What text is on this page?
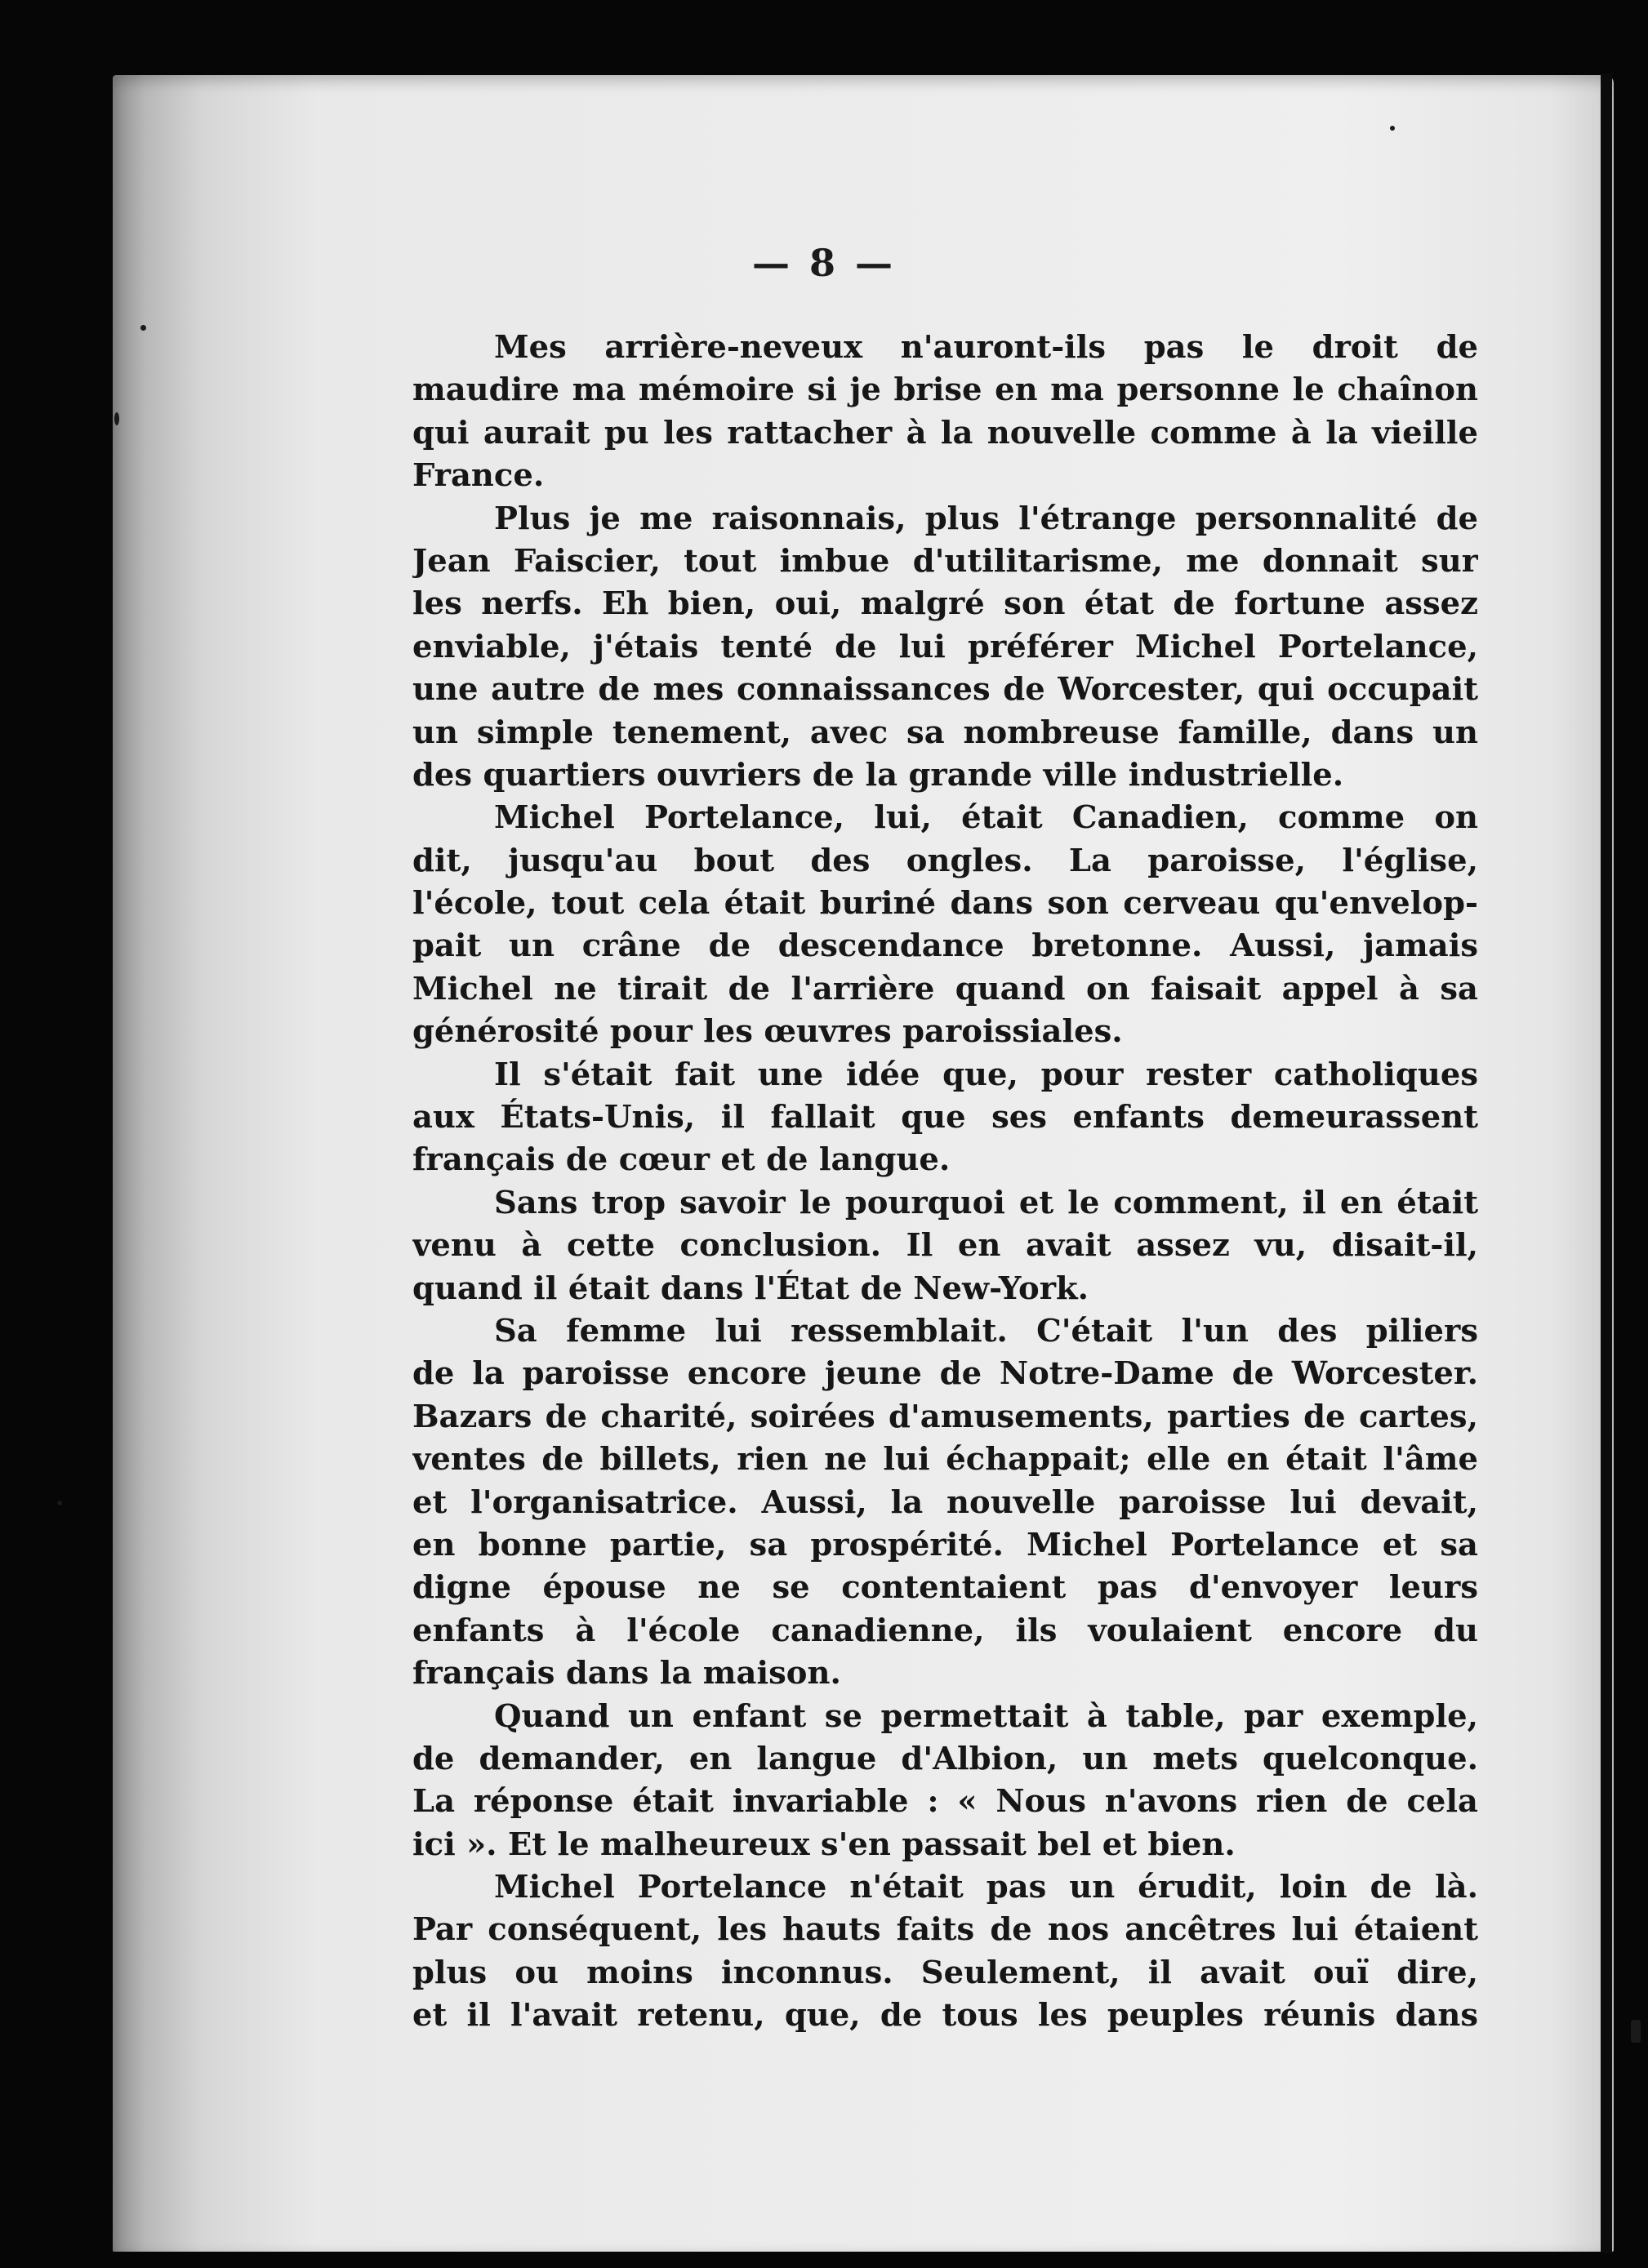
— 8 —
Mes arrière-neveux n'auront-ils pas le droit de
maudire ma mémoire si je brise en ma personne le chaînon
qui aurait pu les rattacher à la nouvelle comme à la vieille
France.
Plus je me raisonnais, plus l'étrange personnalité de
Jean Faiscier, tout imbue d'utilitarisme, me donnait sur
les nerfs. Eh bien, oui, malgré son état de fortune assez
enviable, j'étais tenté de lui préférer Michel Portelance,
une autre de mes connaissances de Worcester, qui occupait
un simple tenement, avec sa nombreuse famille, dans un
des quartiers ouvriers de la grande ville industrielle.
Michel Portelance, lui, était Canadien, comme on
dit, jusqu'au bout des ongles. La paroisse, l'église,
l'école, tout cela était buriné dans son cerveau qu'envelop-
pait un crâne de descendance bretonne. Aussi, jamais
Michel ne tirait de l'arrière quand on faisait appel à sa
générosité pour les œuvres paroissiales.
Il s'était fait une idée que, pour rester catholiques
aux États-Unis, il fallait que ses enfants demeurassent
français de cœur et de langue.
Sans trop savoir le pourquoi et le comment, il en était
venu à cette conclusion. Il en avait assez vu, disait-il,
quand il était dans l'État de New-York.
Sa femme lui ressemblait. C'était l'un des piliers
de la paroisse encore jeune de Notre-Dame de Worcester.
Bazars de charité, soirées d'amusements, parties de cartes,
ventes de billets, rien ne lui échappait; elle en était l'âme
et l'organisatrice. Aussi, la nouvelle paroisse lui devait,
en bonne partie, sa prospérité. Michel Portelance et sa
digne épouse ne se contentaient pas d'envoyer leurs
enfants à l'école canadienne, ils voulaient encore du
français dans la maison.
Quand un enfant se permettait à table, par exemple,
de demander, en langue d'Albion, un mets quelconque.
La réponse était invariable : « Nous n'avons rien de cela
ici ». Et le malheureux s'en passait bel et bien.
Michel Portelance n'était pas un érudit, loin de là.
Par conséquent, les hauts faits de nos ancêtres lui étaient
plus ou moins inconnus. Seulement, il avait ouï dire,
et il l'avait retenu, que, de tous les peuples réunis dans
